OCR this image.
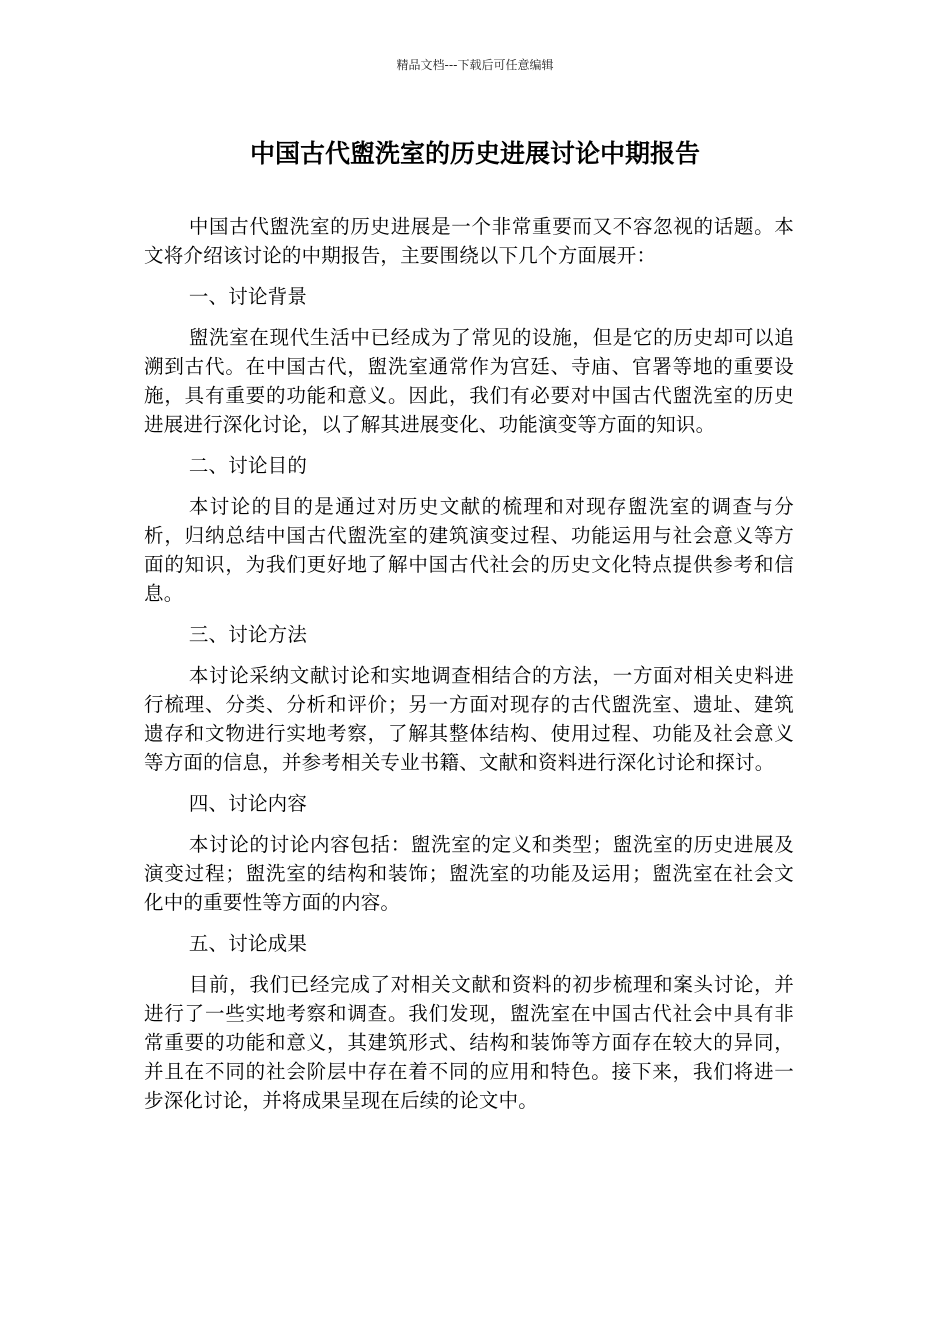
精品文档---下载后可任意编辑
中国古代盥洗室的历史进展讨论中期报告

中国古代盥洗室的历史进展是一个非常重要而又不容忽视的话题。本文将介绍该讨论的中期报告，主要围绕以下几个方面展开：

一、讨论背景

盥洗室在现代生活中已经成为了常见的设施，但是它的历史却可以追溯到古代。在中国古代，盥洗室通常作为宫廷、寺庙、官署等地的重要设施，具有重要的功能和意义。因此，我们有必要对中国古代盥洗室的历史进展进行深化讨论，以了解其进展变化、功能演变等方面的知识。

二、讨论目的

本讨论的目的是通过对历史文献的梳理和对现存盥洗室的调查与分析，归纳总结中国古代盥洗室的建筑演变过程、功能运用与社会意义等方面的知识，为我们更好地了解中国古代社会的历史文化特点提供参考和信息。

三、讨论方法

本讨论采纳文献讨论和实地调查相结合的方法，一方面对相关史料进行梳理、分类、分析和评价；另一方面对现存的古代盥洗室、遗址、建筑遗存和文物进行实地考察，了解其整体结构、使用过程、功能及社会意义等方面的信息，并参考相关专业书籍、文献和资料进行深化讨论和探讨。

四、讨论内容

本讨论的讨论内容包括：盥洗室的定义和类型；盥洗室的历史进展及演变过程；盥洗室的结构和装饰；盥洗室的功能及运用；盥洗室在社会文化中的重要性等方面的内容。

五、讨论成果

目前，我们已经完成了对相关文献和资料的初步梳理和案头讨论，并进行了一些实地考察和调查。我们发现，盥洗室在中国古代社会中具有非常重要的功能和意义，其建筑形式、结构和装饰等方面存在较大的异同，并且在不同的社会阶层中存在着不同的应用和特色。接下来，我们将进一步深化讨论，并将成果呈现在后续的论文中。
